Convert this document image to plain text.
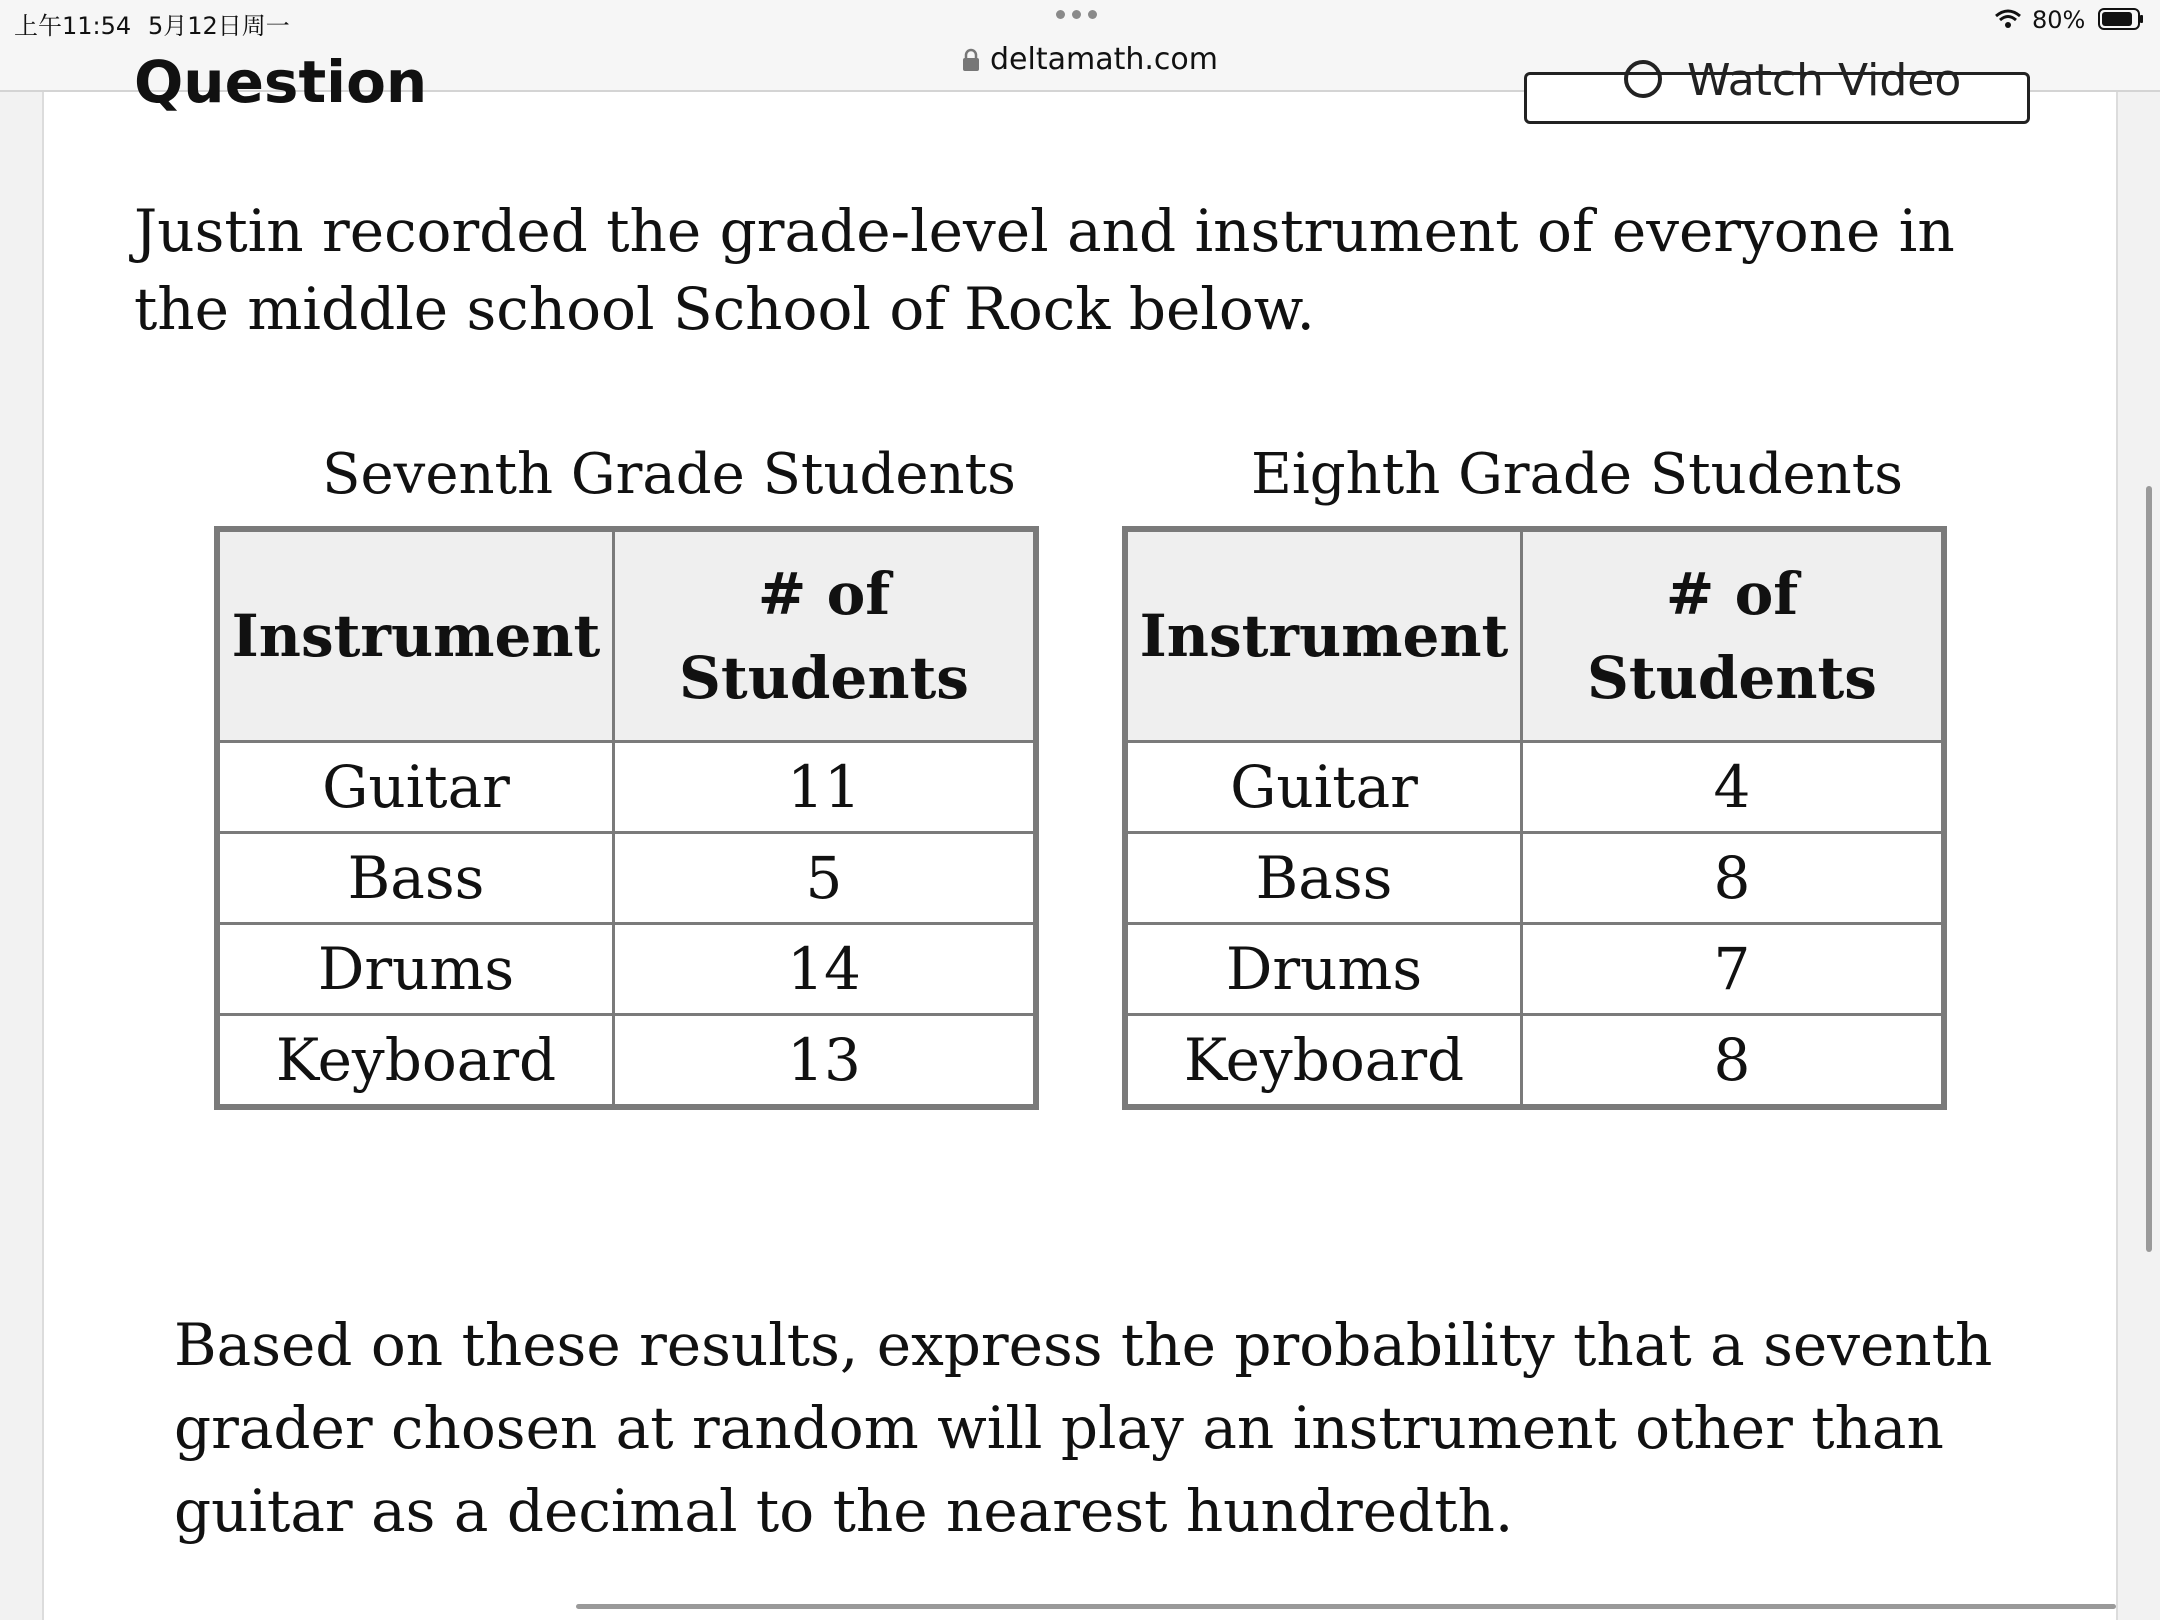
上午11:54 5月12日周一	80%
deltamath.com
Question	Watch Video
Justin recorded the grade-level and instrument of everyone in the middle school School of Rock below.
Seventh Grade Students
Instrument	# of Students
Guitar	11
Bass	5
Drums	14
Keyboard	13
Eighth Grade Students
Instrument	# of Students
Guitar	4
Bass	8
Drums	7
Keyboard	8
Based on these results, express the probability that a seventh grader chosen at random will play an instrument other than guitar as a decimal to the nearest hundredth.
